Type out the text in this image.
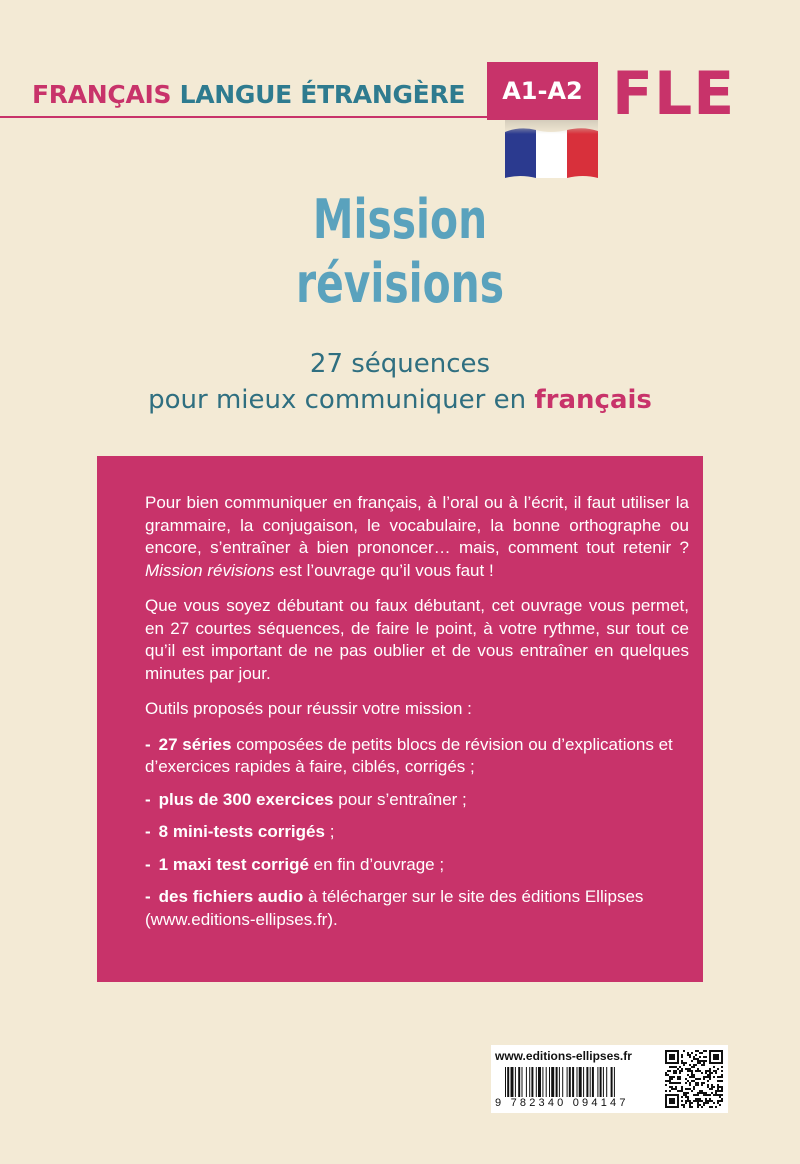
FRANÇAIS LANGUE ÉTRANGÈRE	A1-A2 FLE
Mission
révisions
27 séquences
pour mieux communiquer en français

Pour bien communiquer en français, à l’oral ou à l’écrit, il faut utiliser la grammaire, la conjugaison, le vocabulaire, la bonne orthographe ou encore, s’entraîner à bien prononcer… mais, comment tout retenir ? Mission révisions est l’ouvrage qu’il vous faut !

Que vous soyez débutant ou faux débutant, cet ouvrage vous permet, en 27 courtes séquences, de faire le point, à votre rythme, sur tout ce qu’il est important de ne pas oublier et de vous entraîner en quelques minutes par jour.

Outils proposés pour réussir votre mission :

- 27 séries composées de petits blocs de révision ou d’explications et d’exercices rapides à faire, ciblés, corrigés ;
- plus de 300 exercices pour s’entraîner ;
- 8 mini-tests corrigés ;
- 1 maxi test corrigé en fin d’ouvrage ;
- des fichiers audio à télécharger sur le site des éditions Ellipses (www.editions-ellipses.fr).
www.editions-ellipses.fr
9 782340 094147
